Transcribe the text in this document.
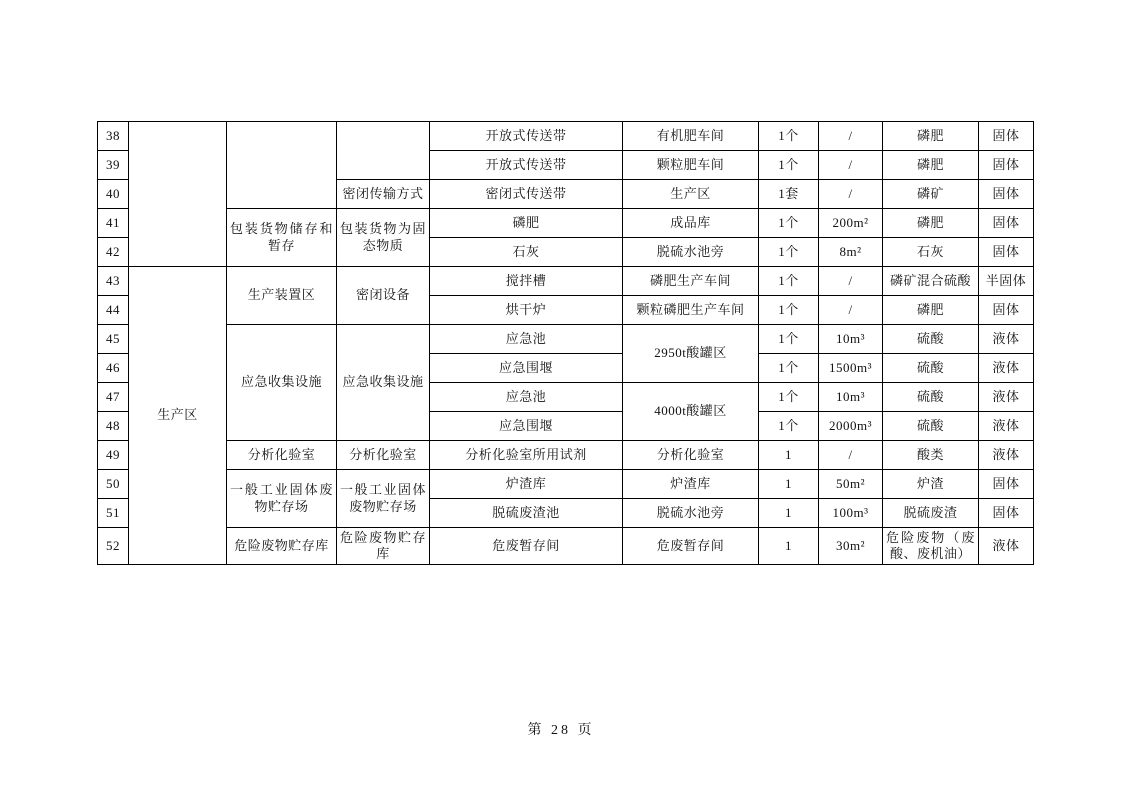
38				开放式传送带	有机肥车间	1个	/	磷肥	固体
39				开放式传送带	颗粒肥车间	1个	/	磷肥	固体
40			密闭传输方式	密闭式传送带	生产区	1套	/	磷矿	固体
41		包装货物储存和暂存	包装货物为固态物质	磷肥	成品库	1个	200m²	磷肥	固体
42				石灰	脱硫水池旁	1个	8m²	石灰	固体
43	生产区	生产装置区	密闭设备	搅拌槽	磷肥生产车间	1个	/	磷矿混合硫酸	半固体
44				烘干炉	颗粒磷肥生产车间	1个	/	磷肥	固体
45		应急收集设施	应急收集设施	应急池	2950t酸罐区	1个	10m³	硫酸	液体
46				应急围堰		1个	1500m³	硫酸	液体
47				应急池	4000t酸罐区	1个	10m³	硫酸	液体
48				应急围堰		1个	2000m³	硫酸	液体
49		分析化验室	分析化验室	分析化验室所用试剂	分析化验室	1	/	酸类	液体
50		一般工业固体废物贮存场	一般工业固体废物贮存场	炉渣库	炉渣库	1	50m²	炉渣	固体
51				脱硫废渣池	脱硫水池旁	1	100m³	脱硫废渣	固体
52		危险废物贮存库	危险废物贮存库	危废暂存间	危废暂存间	1	30m²	危险废物（废酸、废机油）	液体
第 28 页
